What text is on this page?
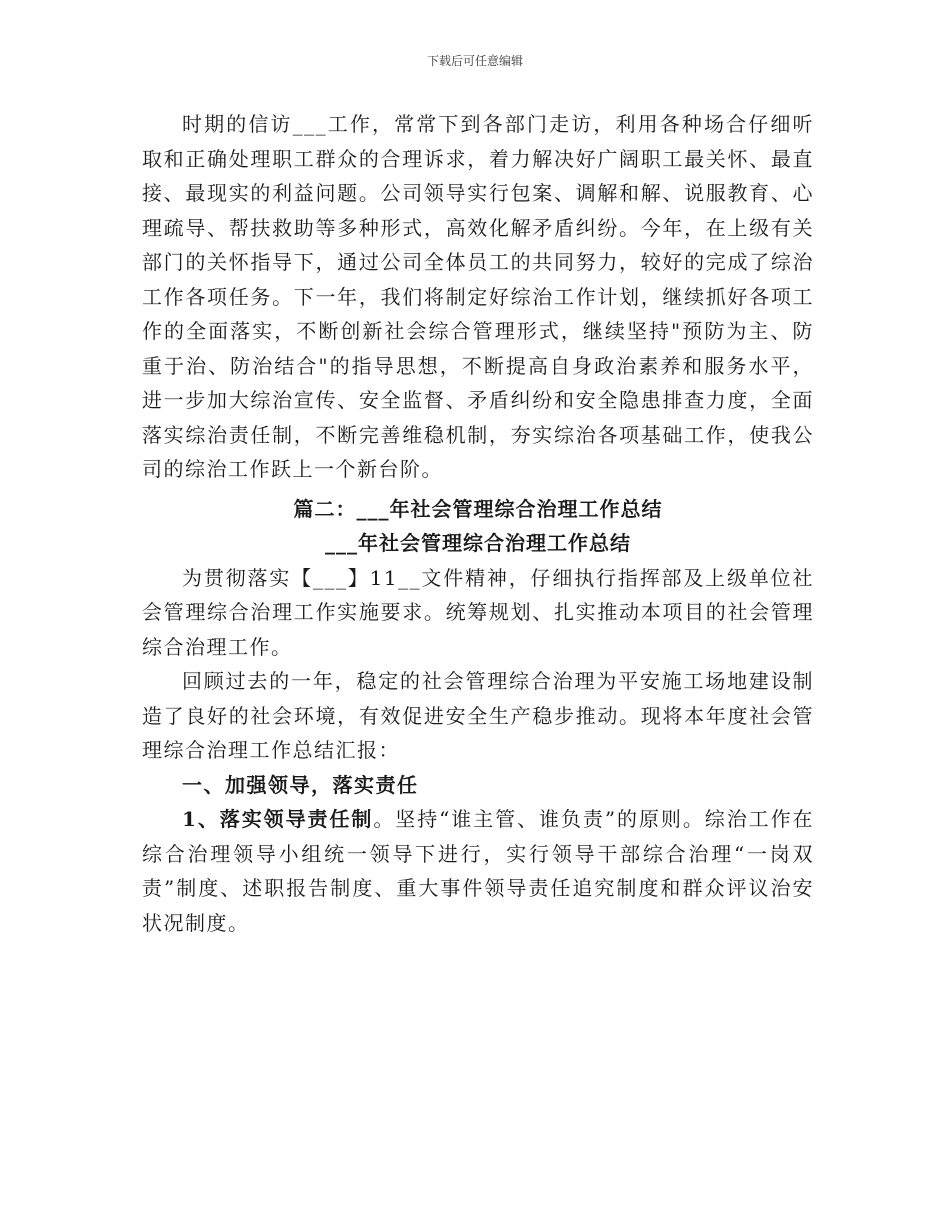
下载后可任意编辑

时期的信访___工作，常常下到各部门走访，利用各种场合仔细听取和正确处理职工群众的合理诉求，着力解决好广阔职工最关怀、最直接、最现实的利益问题。公司领导实行包案、调解和解、说服教育、心理疏导、帮扶救助等多种形式，高效化解矛盾纠纷。今年，在上级有关部门的关怀指导下，通过公司全体员工的共同努力，较好的完成了综治工作各项任务。下一年，我们将制定好综治工作计划，继续抓好各项工作的全面落实，不断创新社会综合管理形式，继续坚持"预防为主、防重于治、防治结合"的指导思想，不断提高自身政治素养和服务水平，进一步加大综治宣传、安全监督、矛盾纠纷和安全隐患排查力度，全面落实综治责任制，不断完善维稳机制，夯实综治各项基础工作，使我公司的综治工作跃上一个新台阶。

篇二：___年社会管理综合治理工作总结

___年社会管理综合治理工作总结

为贯彻落实【___】11__文件精神，仔细执行指挥部及上级单位社会管理综合治理工作实施要求。统筹规划、扎实推动本项目的社会管理综合治理工作。

回顾过去的一年，稳定的社会管理综合治理为平安施工场地建设制造了良好的社会环境，有效促进安全生产稳步推动。现将本年度社会管理综合治理工作总结汇报：

一、加强领导，落实责任

1、落实领导责任制。坚持“谁主管、谁负责”的原则。综治工作在综合治理领导小组统一领导下进行，实行领导干部综合治理“一岗双责”制度、述职报告制度、重大事件领导责任追究制度和群众评议治安状况制度。
